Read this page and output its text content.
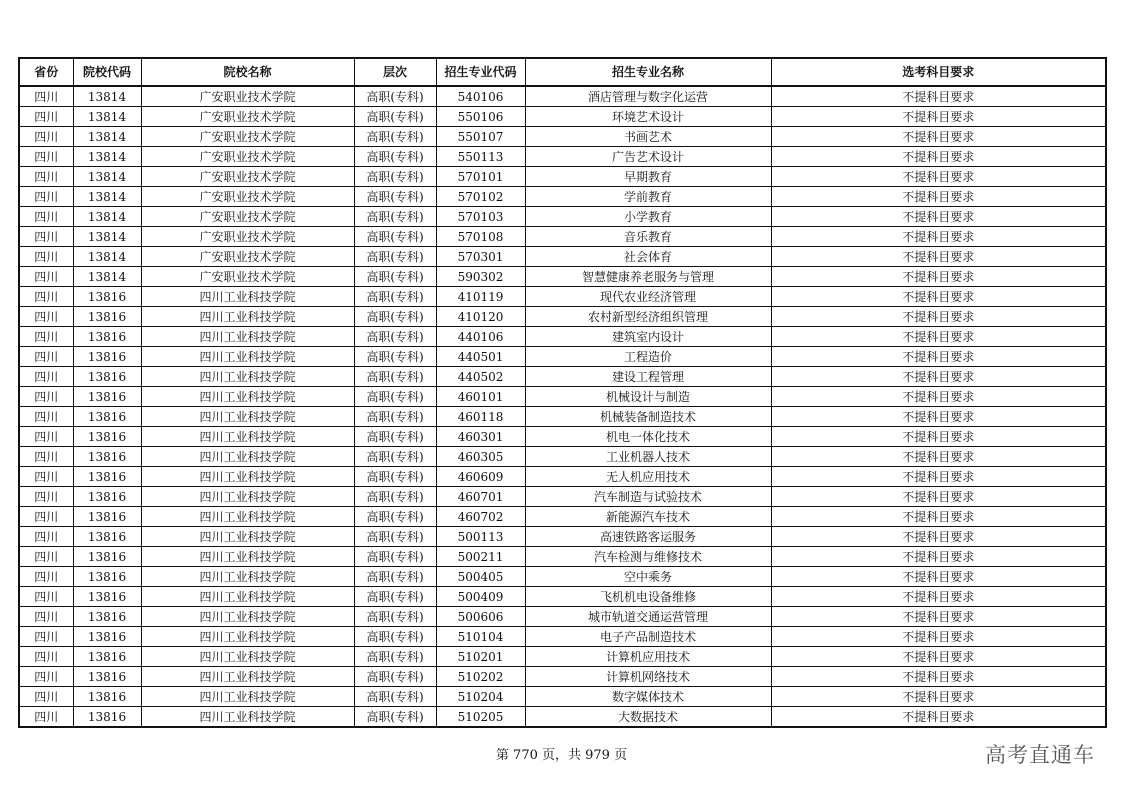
省份	院校代码	院校名称	层次	招生专业代码	招生专业名称	选考科目要求
四川	13814	广安职业技术学院	高职(专科)	540106	酒店管理与数字化运营	不提科目要求
四川	13814	广安职业技术学院	高职(专科)	550106	环境艺术设计	不提科目要求
四川	13814	广安职业技术学院	高职(专科)	550107	书画艺术	不提科目要求
四川	13814	广安职业技术学院	高职(专科)	550113	广告艺术设计	不提科目要求
四川	13814	广安职业技术学院	高职(专科)	570101	早期教育	不提科目要求
四川	13814	广安职业技术学院	高职(专科)	570102	学前教育	不提科目要求
四川	13814	广安职业技术学院	高职(专科)	570103	小学教育	不提科目要求
四川	13814	广安职业技术学院	高职(专科)	570108	音乐教育	不提科目要求
四川	13814	广安职业技术学院	高职(专科)	570301	社会体育	不提科目要求
四川	13814	广安职业技术学院	高职(专科)	590302	智慧健康养老服务与管理	不提科目要求
四川	13816	四川工业科技学院	高职(专科)	410119	现代农业经济管理	不提科目要求
四川	13816	四川工业科技学院	高职(专科)	410120	农村新型经济组织管理	不提科目要求
四川	13816	四川工业科技学院	高职(专科)	440106	建筑室内设计	不提科目要求
四川	13816	四川工业科技学院	高职(专科)	440501	工程造价	不提科目要求
四川	13816	四川工业科技学院	高职(专科)	440502	建设工程管理	不提科目要求
四川	13816	四川工业科技学院	高职(专科)	460101	机械设计与制造	不提科目要求
四川	13816	四川工业科技学院	高职(专科)	460118	机械装备制造技术	不提科目要求
四川	13816	四川工业科技学院	高职(专科)	460301	机电一体化技术	不提科目要求
四川	13816	四川工业科技学院	高职(专科)	460305	工业机器人技术	不提科目要求
四川	13816	四川工业科技学院	高职(专科)	460609	无人机应用技术	不提科目要求
四川	13816	四川工业科技学院	高职(专科)	460701	汽车制造与试验技术	不提科目要求
四川	13816	四川工业科技学院	高职(专科)	460702	新能源汽车技术	不提科目要求
四川	13816	四川工业科技学院	高职(专科)	500113	高速铁路客运服务	不提科目要求
四川	13816	四川工业科技学院	高职(专科)	500211	汽车检测与维修技术	不提科目要求
四川	13816	四川工业科技学院	高职(专科)	500405	空中乘务	不提科目要求
四川	13816	四川工业科技学院	高职(专科)	500409	飞机机电设备维修	不提科目要求
四川	13816	四川工业科技学院	高职(专科)	500606	城市轨道交通运营管理	不提科目要求
四川	13816	四川工业科技学院	高职(专科)	510104	电子产品制造技术	不提科目要求
四川	13816	四川工业科技学院	高职(专科)	510201	计算机应用技术	不提科目要求
四川	13816	四川工业科技学院	高职(专科)	510202	计算机网络技术	不提科目要求
四川	13816	四川工业科技学院	高职(专科)	510204	数字媒体技术	不提科目要求
四川	13816	四川工业科技学院	高职(专科)	510205	大数据技术	不提科目要求
第 770 页，共 979 页	高考直通车
